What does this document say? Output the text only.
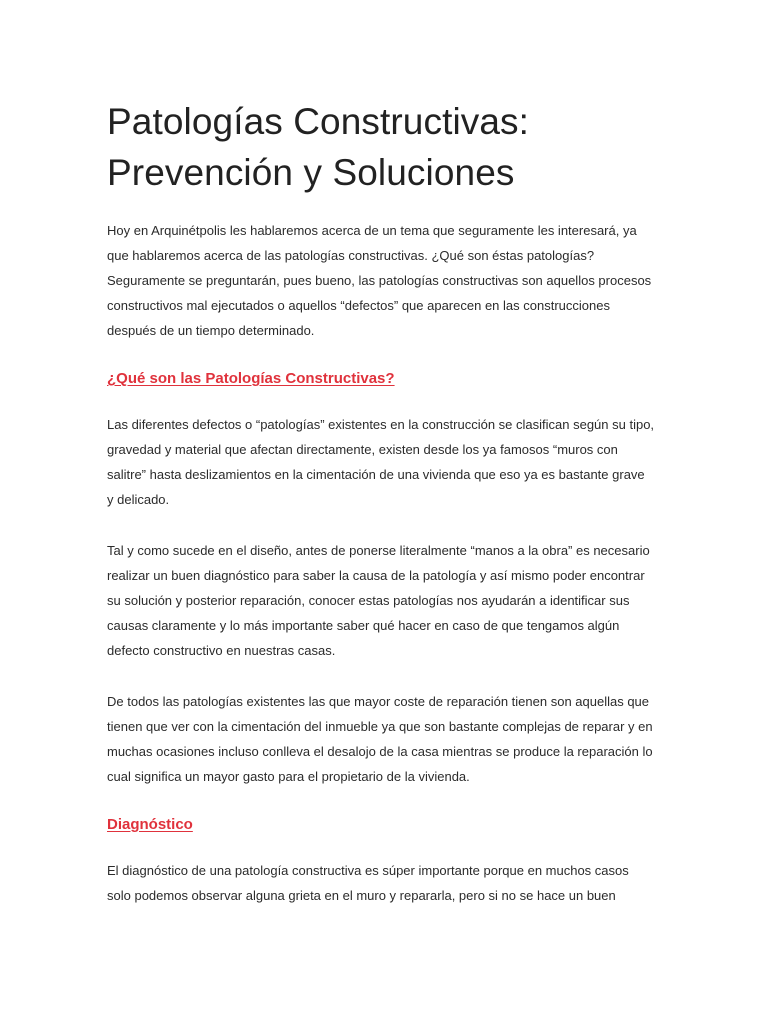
Patologías Constructivas:
Prevención y Soluciones

Hoy en Arquinétpolis les hablaremos acerca de un tema que seguramente les interesará, ya
que hablaremos acerca de las patologías constructivas. ¿Qué son éstas patologías?
Seguramente se preguntarán, pues bueno, las patologías constructivas son aquellos procesos
constructivos mal ejecutados o aquellos “defectos” que aparecen en las construcciones
después de un tiempo determinado.

¿Qué son las Patologías Constructivas?

Las diferentes defectos o “patologías” existentes en la construcción se clasifican según su tipo,
gravedad y material que afectan directamente, existen desde los ya famosos “muros con
salitre” hasta deslizamientos en la cimentación de una vivienda que eso ya es bastante grave
y delicado.

Tal y como sucede en el diseño, antes de ponerse literalmente “manos a la obra” es necesario
realizar un buen diagnóstico para saber la causa de la patología y así mismo poder encontrar
su solución y posterior reparación, conocer estas patologías nos ayudarán a identificar sus
causas claramente y lo más importante saber qué hacer en caso de que tengamos algún
defecto constructivo en nuestras casas.

De todos las patologías existentes las que mayor coste de reparación tienen son aquellas que
tienen que ver con la cimentación del inmueble ya que son bastante complejas de reparar y en
muchas ocasiones incluso conlleva el desalojo de la casa mientras se produce la reparación lo
cual significa un mayor gasto para el propietario de la vivienda.

Diagnóstico

El diagnóstico de una patología constructiva es súper importante porque en muchos casos
solo podemos observar alguna grieta en el muro y repararla, pero si no se hace un buen
